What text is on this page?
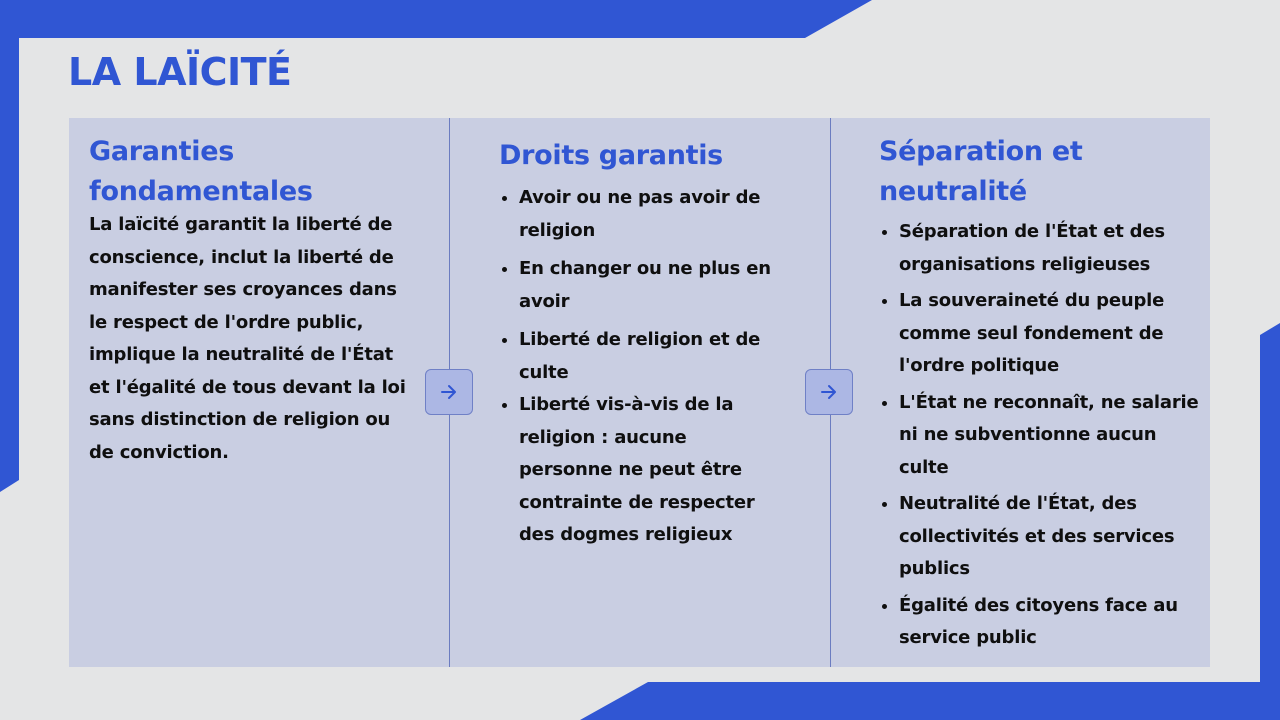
LA LAÏCITÉ
Garanties fondamentales

La laïcité garantit la liberté de conscience, inclut la liberté de manifester ses croyances dans le respect de l'ordre public, implique la neutralité de l'État et l'égalité de tous devant la loi sans distinction de religion ou de conviction.

Droits garantis
• Avoir ou ne pas avoir de religion
• En changer ou ne plus en avoir
• Liberté de religion et de culte
• Liberté vis-à-vis de la religion : aucune personne ne peut être contrainte de respecter des dogmes religieux
Séparation et neutralité
• Séparation de l'État et des organisations religieuses
• La souveraineté du peuple comme seul fondement de l'ordre politique
• L'État ne reconnaît, ne salarie ni ne subventionne aucun culte
• Neutralité de l'État, des collectivités et des services publics
• Égalité des citoyens face au service public
